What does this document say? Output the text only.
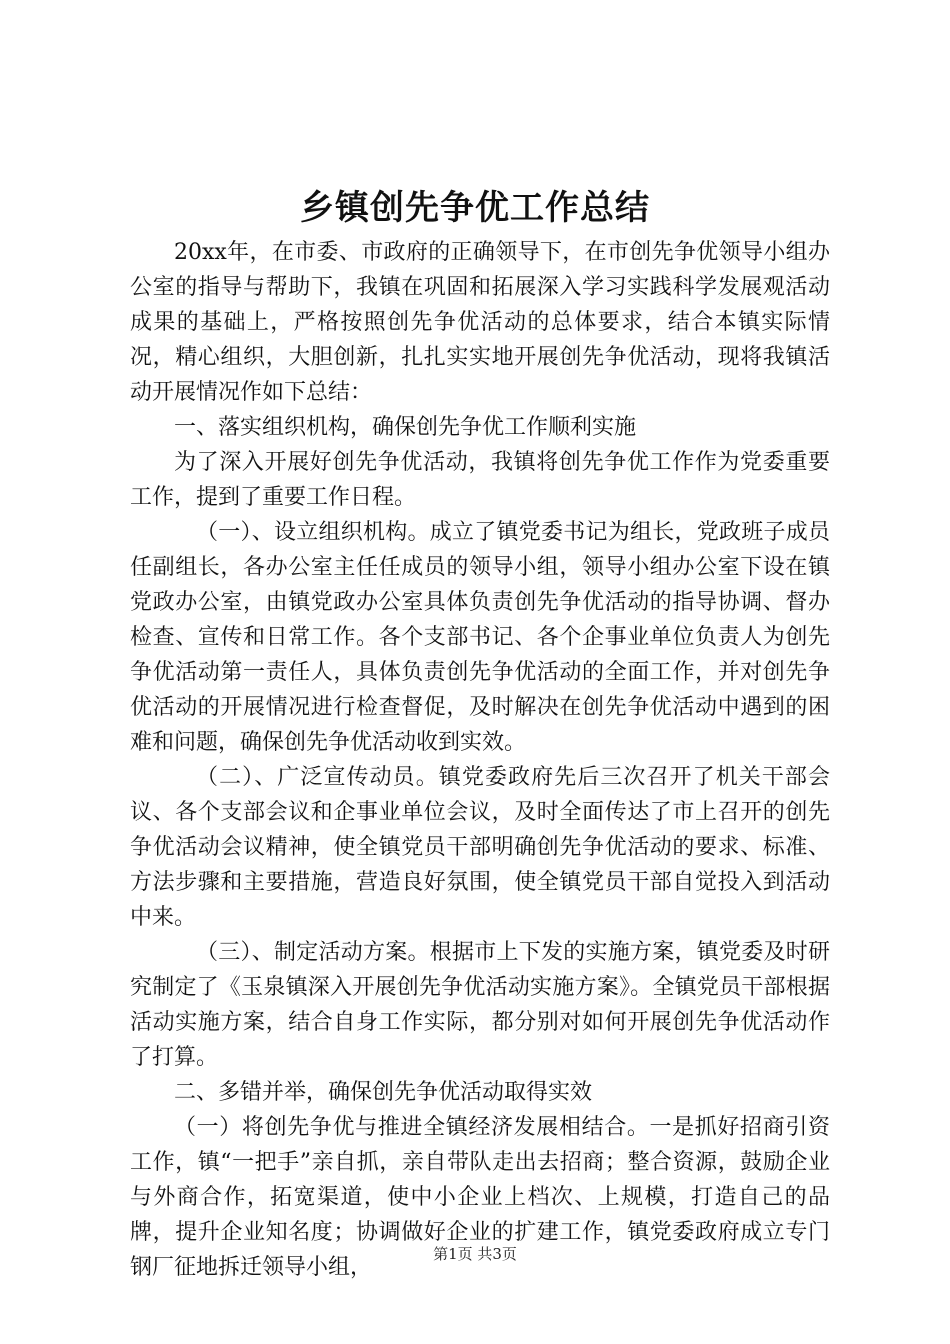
乡镇创先争优工作总结

20xx年，在市委、市政府的正确领导下，在市创先争优领导小组办公室的指导与帮助下，我镇在巩固和拓展深入学习实践科学发展观活动成果的基础上，严格按照创先争优活动的总体要求，结合本镇实际情况，精心组织，大胆创新，扎扎实实地开展创先争优活动，现将我镇活动开展情况作如下总结：

一、落实组织机构，确保创先争优工作顺利实施

为了深入开展好创先争优活动，我镇将创先争优工作作为党委重要工作，提到了重要工作日程。

（一）、设立组织机构。成立了镇党委书记为组长，党政班子成员任副组长，各办公室主任任成员的领导小组，领导小组办公室下设在镇党政办公室，由镇党政办公室具体负责创先争优活动的指导协调、督办检查、宣传和日常工作。各个支部书记、各个企事业单位负责人为创先争优活动第一责任人，具体负责创先争优活动的全面工作，并对创先争优活动的开展情况进行检查督促，及时解决在创先争优活动中遇到的困难和问题，确保创先争优活动收到实效。

（二）、广泛宣传动员。镇党委政府先后三次召开了机关干部会议、各个支部会议和企事业单位会议，及时全面传达了市上召开的创先争优活动会议精神，使全镇党员干部明确创先争优活动的要求、标准、方法步骤和主要措施，营造良好氛围，使全镇党员干部自觉投入到活动中来。

（三）、制定活动方案。根据市上下发的实施方案，镇党委及时研究制定了《玉泉镇深入开展创先争优活动实施方案》。全镇党员干部根据活动实施方案，结合自身工作实际，都分别对如何开展创先争优活动作了打算。

二、多错并举，确保创先争优活动取得实效

（一）将创先争优与推进全镇经济发展相结合。一是抓好招商引资工作，镇“一把手”亲自抓，亲自带队走出去招商；整合资源，鼓励企业与外商合作，拓宽渠道，使中小企业上档次、上规模，打造自己的品牌，提升企业知名度；协调做好企业的扩建工作，镇党委政府成立专门钢厂征地拆迁领导小组，

第1页 共3页
